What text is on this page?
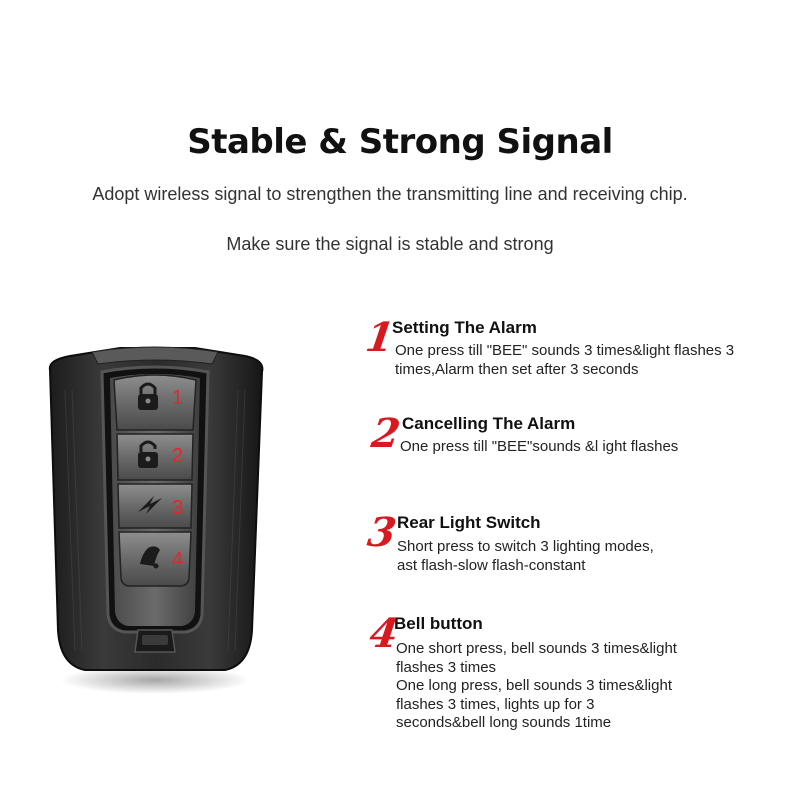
Stable & Strong Signal
Adopt wireless signal to strengthen the transmitting line and receiving chip.
Make sure the signal is stable and strong
1
2
3
4
1
Setting The Alarm
One press till "BEE" sounds 3 times&light flashes 3
times,Alarm then set after 3 seconds
2
Cancelling The Alarm
One press till "BEE"sounds &l ight flashes
3
Rear Light Switch
Short press to switch 3 lighting modes,
ast flash-slow flash-constant
4
Bell button
One short press, bell sounds 3 times&light
flashes 3 times
One long press, bell sounds 3 times&light
flashes 3 times, lights up for 3
seconds&bell long sounds 1time
